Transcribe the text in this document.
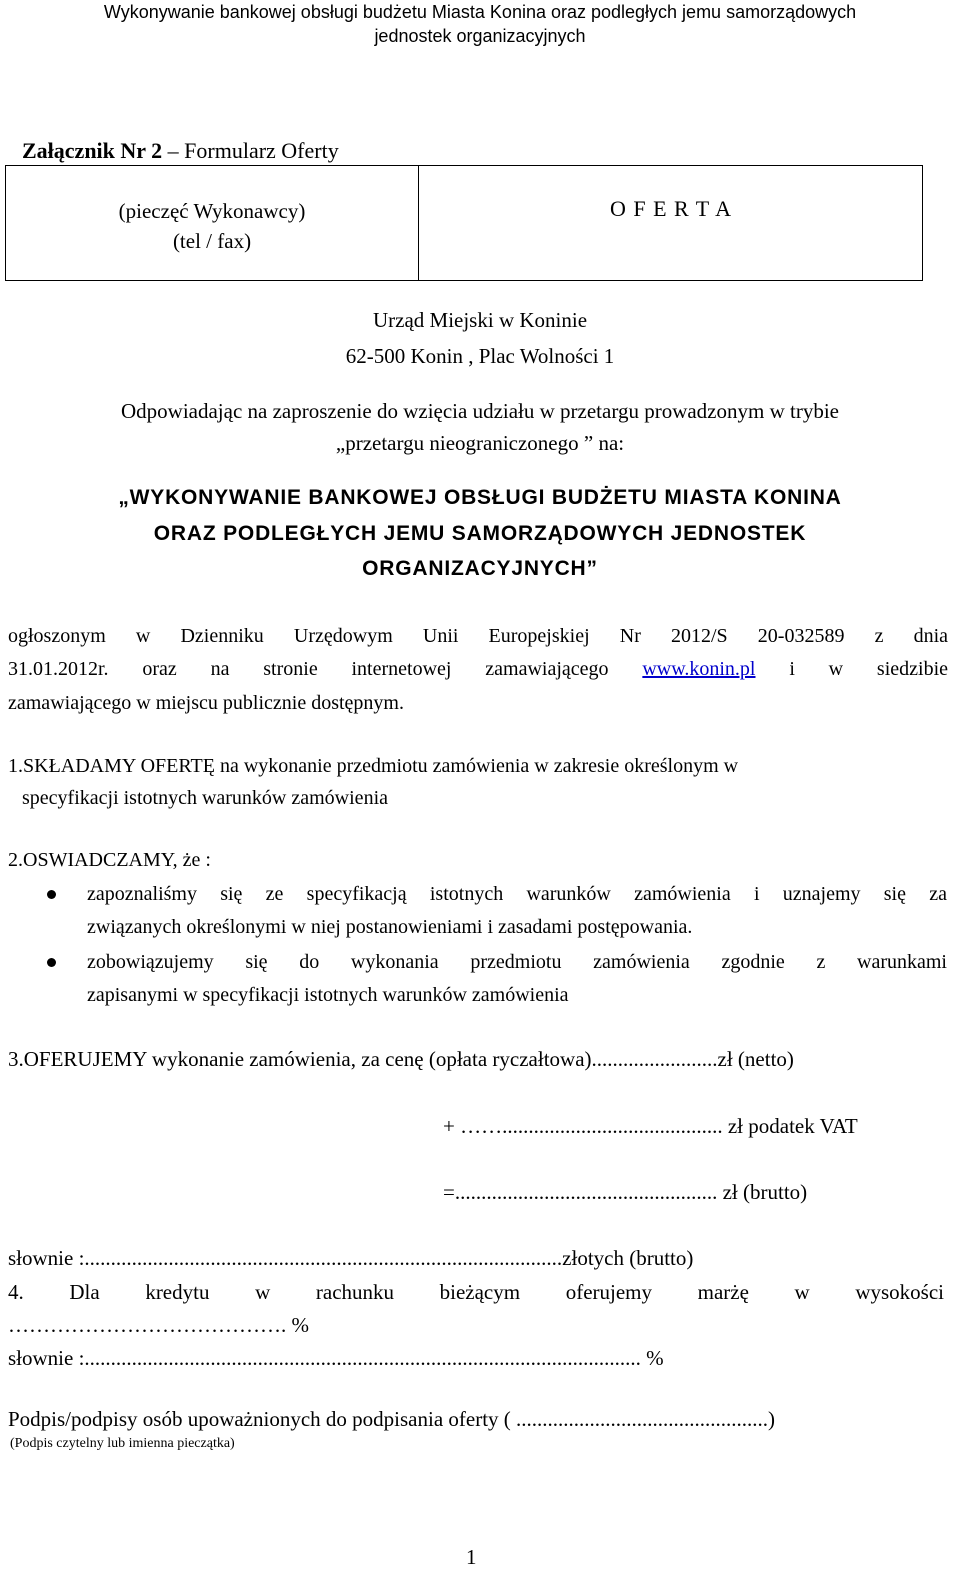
Wykonywanie bankowej obsługi budżetu Miasta Konina oraz podległych jemu samorządowych
jednostek organizacyjnych
Załącznik Nr 2 – Formularz Oferty
(pieczęć Wykonawcy)
(tel / fax)
O F E R T A
Urząd Miejski w Koninie
62-500 Konin , Plac Wolności 1
Odpowiadając na zaproszenie do wzięcia udziału w przetargu prowadzonym w trybie
„przetargu nieograniczonego ” na:
„WYKONYWANIE BANKOWEJ OBSŁUGI BUDŻETU MIASTA KONINA
ORAZ PODLEGŁYCH JEMU SAMORZĄDOWYCH JEDNOSTEK
ORGANIZACYJNYCH”
ogłoszonym w Dzienniku Urzędowym Unii Europejskiej Nr 2012/S 20-032589 z dnia
31.01.2012r. oraz na stronie internetowej zamawiającego www.konin.pl i w siedzibie
zamawiającego w miejscu publicznie dostępnym.
1.SKŁADAMY OFERTĘ na wykonanie przedmiotu zamówienia w zakresie określonym w
specyfikacji istotnych warunków zamówienia
2.OSWIADCZAMY, że :
zapoznaliśmy się ze specyfikacją istotnych warunków zamówienia i uznajemy się za
związanych określonymi w niej postanowieniami i zasadami postępowania.
zobowiązujemy się do wykonania przedmiotu zamówienia zgodnie z warunkami
zapisanymi w specyfikacji istotnych warunków zamówienia
3.OFERUJEMY wykonanie zamówienia, za cenę (opłata ryczałtowa)........................zł (netto)
+ …….......................................... zł podatek VAT
=.................................................. zł (brutto)
słownie :...........................................................................................złotych (brutto)
4. Dla kredytu w rachunku bieżącym oferujemy marżę w wysokości
…………………………………. %
słownie :.......................................................................................................... %
Podpis/podpisy osób upoważnionych do podpisania oferty ( ................................................)
(Podpis czytelny lub imienna pieczątka)
1
